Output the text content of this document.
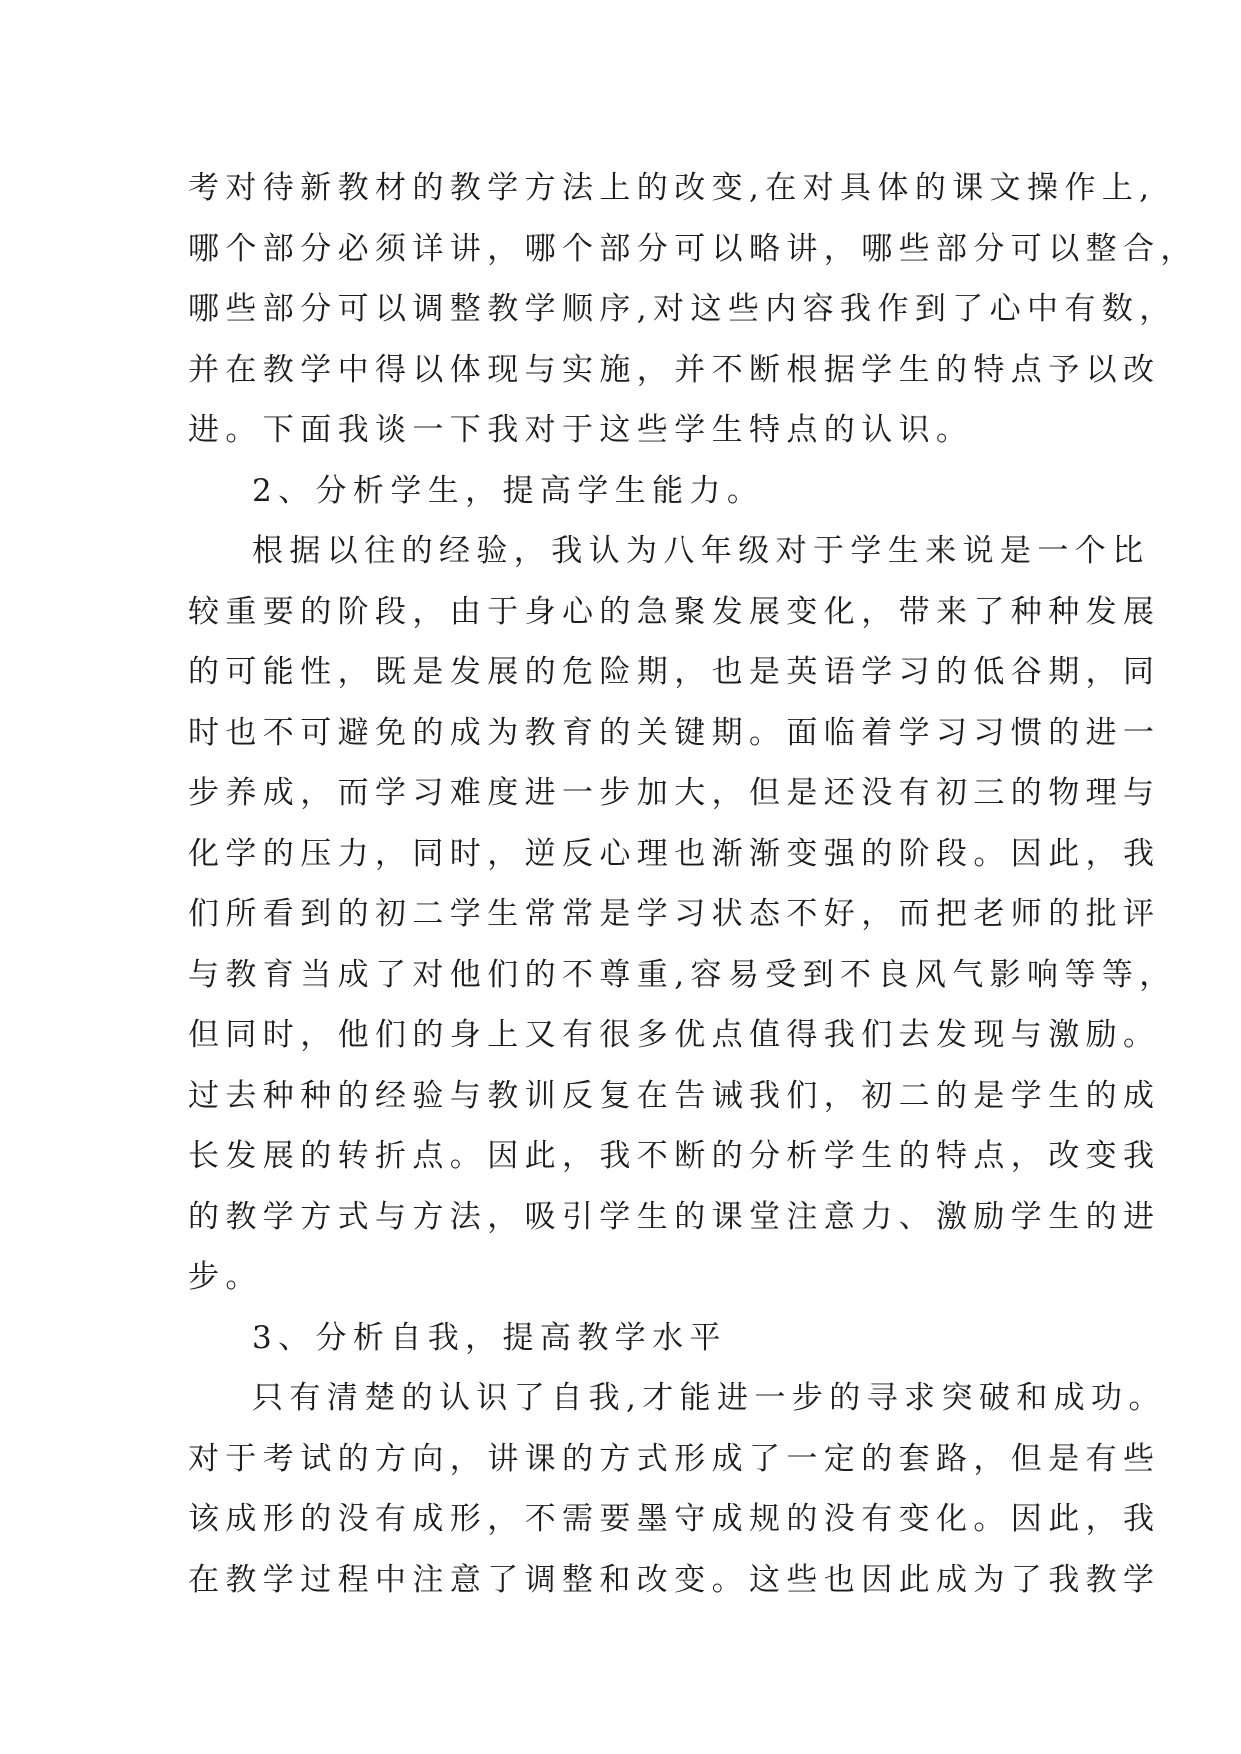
考对待新教材的教学方法上的改变,在对具体的课文操作上,
哪个部分必须详讲，哪个部分可以略讲，哪些部分可以整合，
哪些部分可以调整教学顺序,对这些内容我作到了心中有数，
并在教学中得以体现与实施，并不断根据学生的特点予以改
进。下面我谈一下我对于这些学生特点的认识。
2、分析学生，提高学生能力。
根据以往的经验，我认为八年级对于学生来说是一个比
较重要的阶段，由于身心的急聚发展变化，带来了种种发展
的可能性，既是发展的危险期，也是英语学习的低谷期，同
时也不可避免的成为教育的关键期。面临着学习习惯的进一
步养成，而学习难度进一步加大，但是还没有初三的物理与
化学的压力，同时，逆反心理也渐渐变强的阶段。因此，我
们所看到的初二学生常常是学习状态不好，而把老师的批评
与教育当成了对他们的不尊重,容易受到不良风气影响等等，
但同时，他们的身上又有很多优点值得我们去发现与激励。
过去种种的经验与教训反复在告诫我们，初二的是学生的成
长发展的转折点。因此，我不断的分析学生的特点，改变我
的教学方式与方法，吸引学生的课堂注意力、激励学生的进
步。
3、分析自我，提高教学水平
只有清楚的认识了自我,才能进一步的寻求突破和成功。
对于考试的方向，讲课的方式形成了一定的套路，但是有些
该成形的没有成形，不需要墨守成规的没有变化。因此，我
在教学过程中注意了调整和改变。这些也因此成为了我教学
